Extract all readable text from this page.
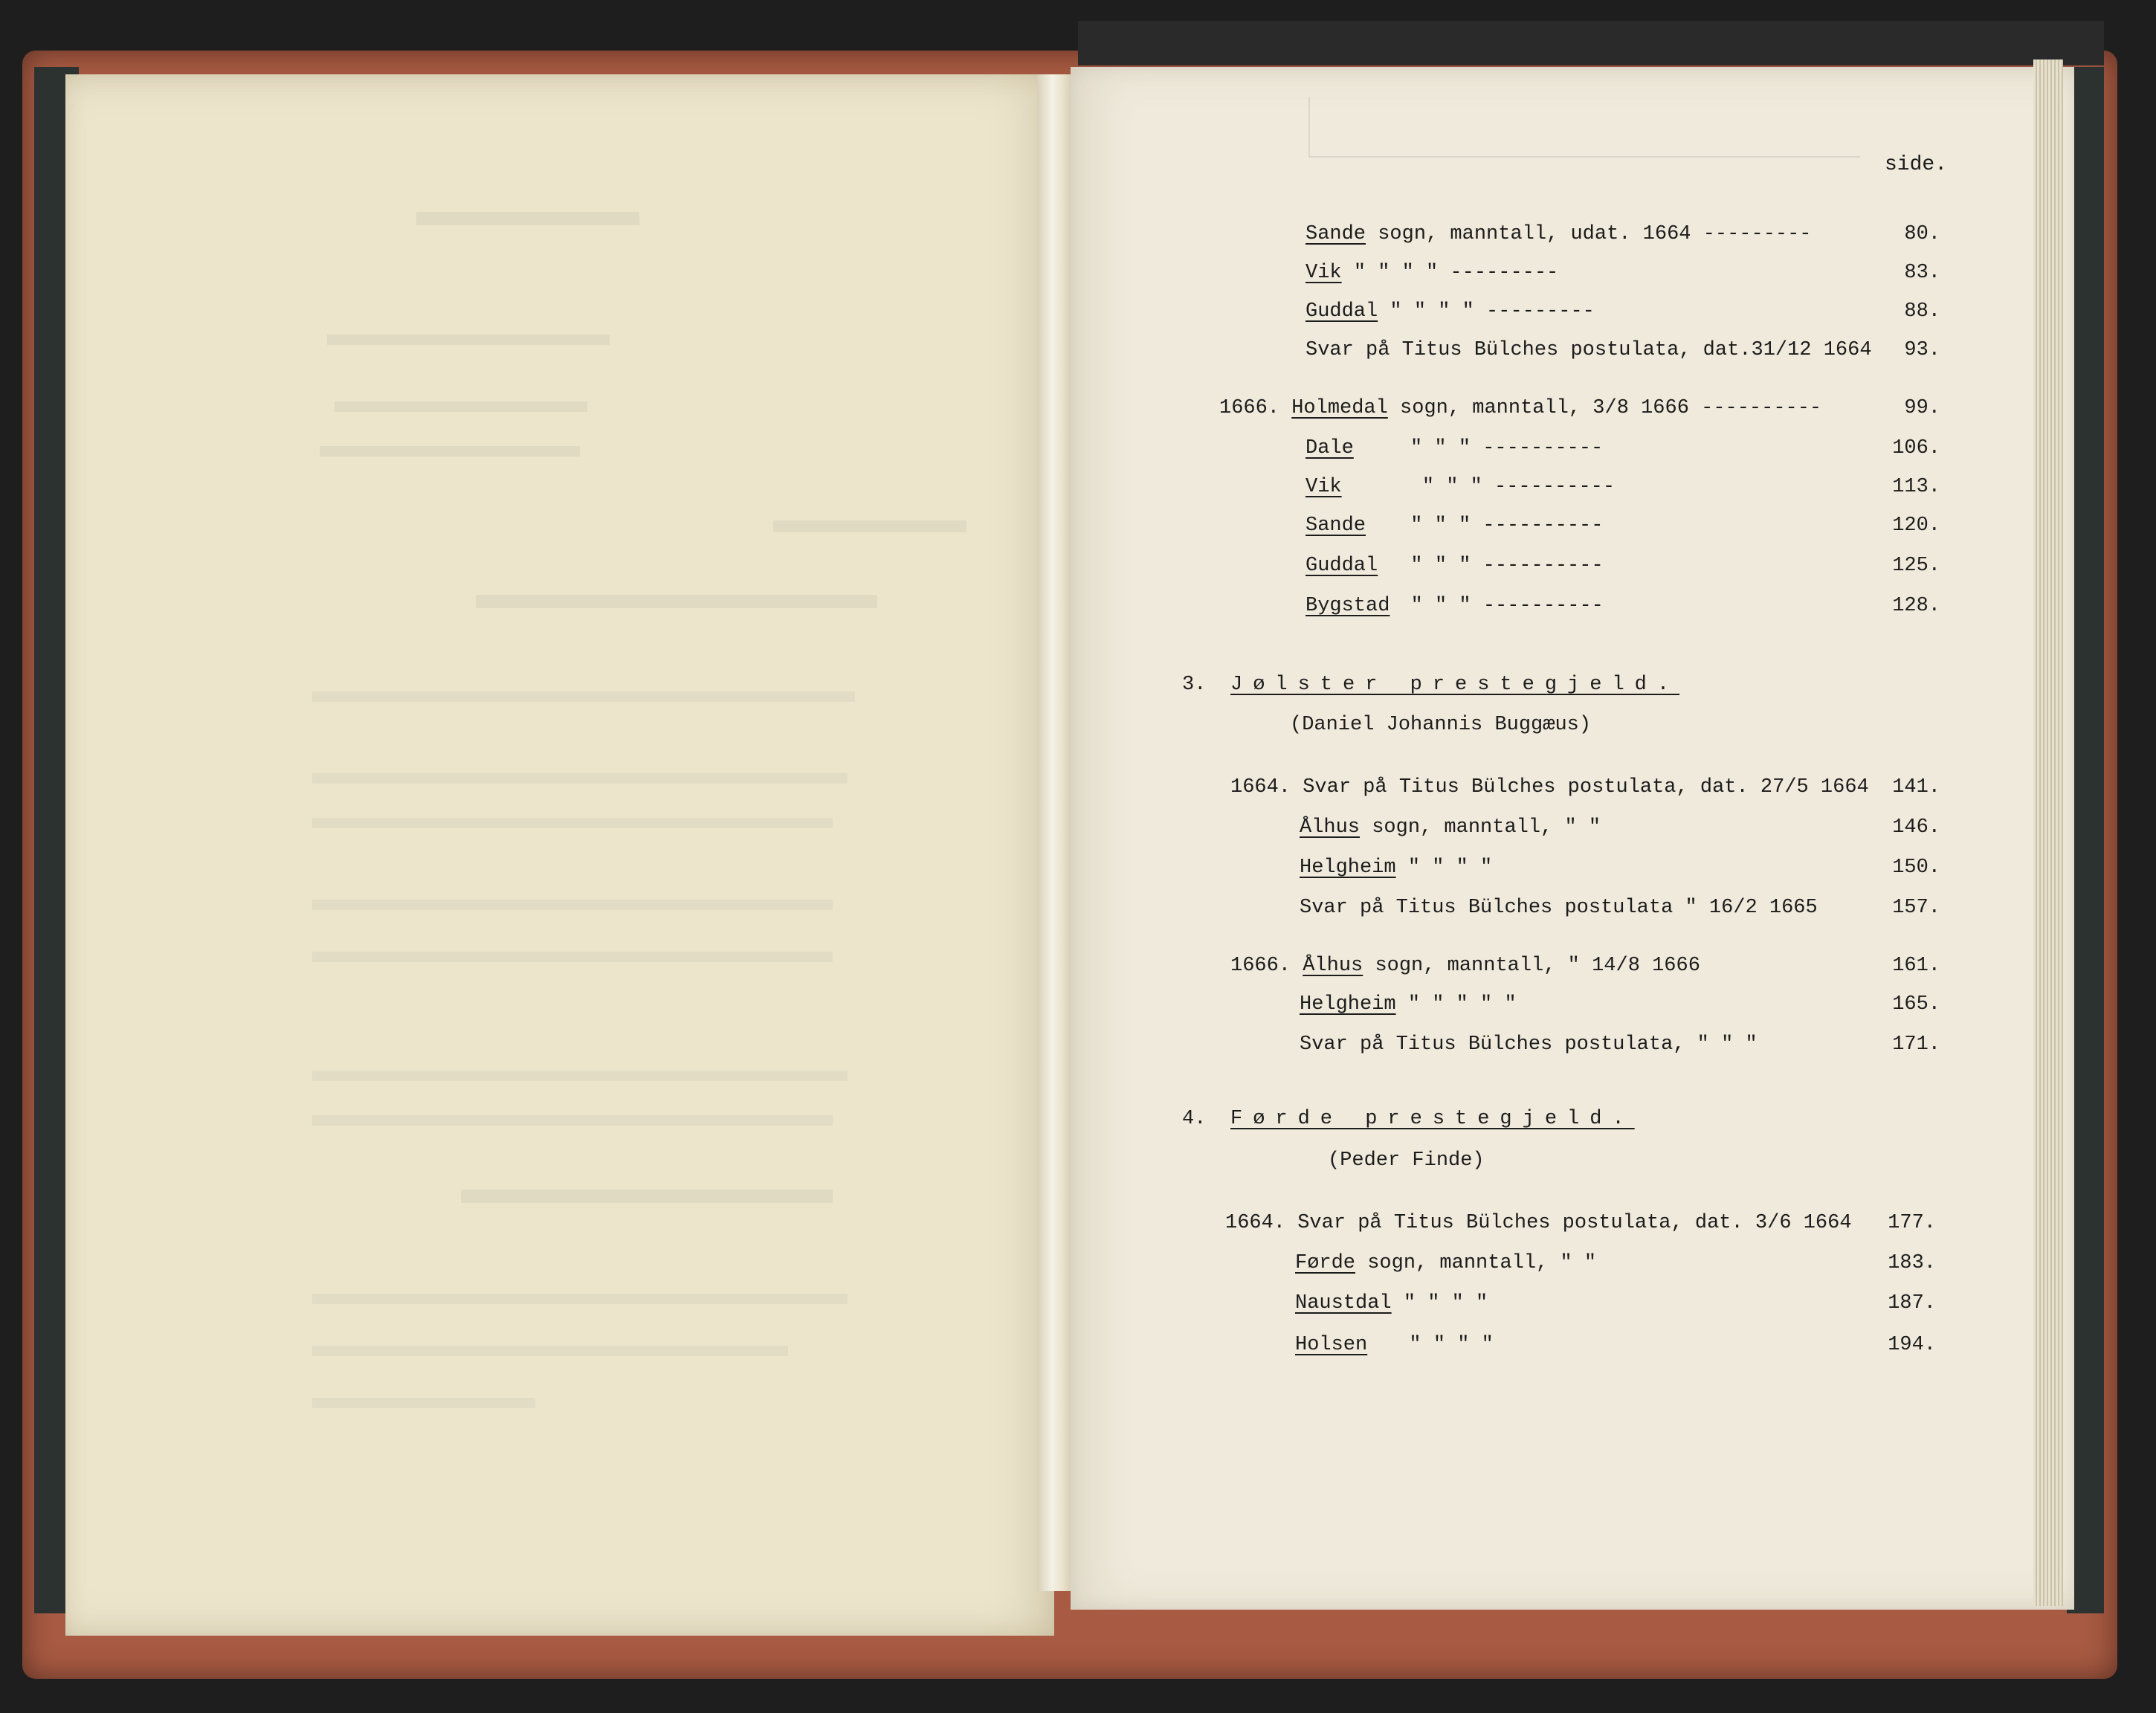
side.
Sande sogn, manntall, udat. 1664 ---------	80.
Vik " " " " ---------	83.
Guddal " " " " ---------	88.
Svar på Titus Bülches postulata, dat.31/12 1664	93.
1666. Holmedal sogn, manntall, 3/8 1666 ----------	99.
Dale	" " " ----------	106.
Vik	" " " ----------	113.
Sande " " " ----------	120.
Guddal " " " ----------	125.
Bygstad " " " ----------	128.
3. Jølster prestegjeld.
(Daniel Johannis Buggæus)
1664. Svar på Titus Bülches postulata, dat. 27/5 1664	141.
Ålhus sogn, manntall, " "	146.
Helgheim " " " "	150.
Svar på Titus Bülches postulata " 16/2 1665	157.
1666. Ålhus sogn, manntall, " 14/8 1666	161.
Helgheim " " " " "	165.
Svar på Titus Bülches postulata, " " "	171.
4. Førde prestegjeld.
(Peder Finde)
1664. Svar på Titus Bülches postulata, dat. 3/6 1664	177.
Førde sogn, manntall, " "	183.
Naustdal " " " "	187.
Holsen " " " "	194.
